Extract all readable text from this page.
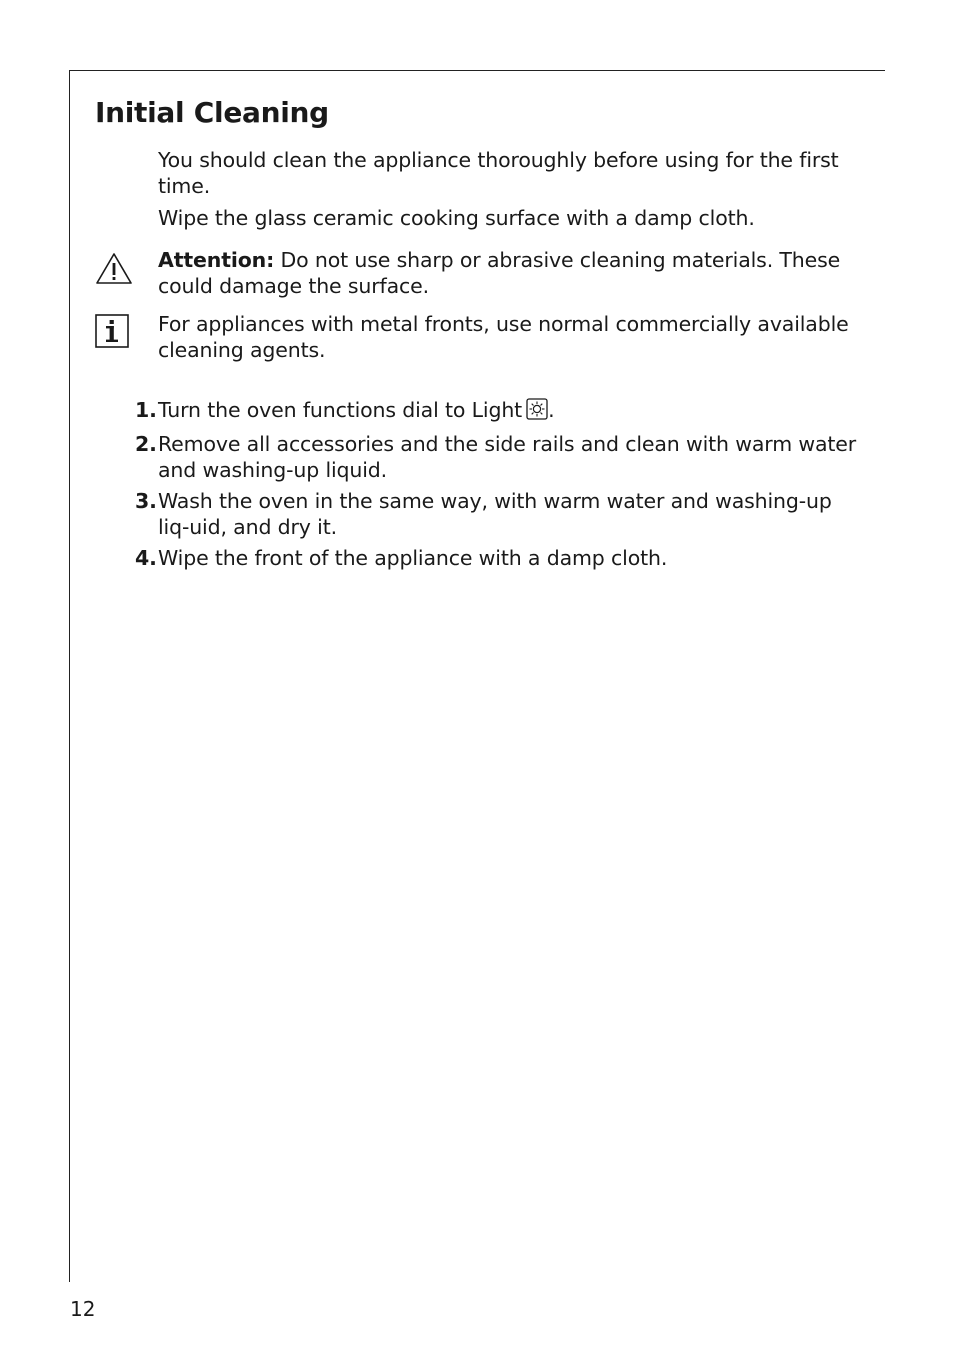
Initial Cleaning

You should clean the appliance thoroughly before using for the first time.

Wipe the glass ceramic cooking surface with a damp cloth.

Attention: Do not use sharp or abrasive cleaning materials. These could damage the surface.

For appliances with metal fronts, use normal commercially available cleaning agents.

1. Turn the oven functions dial to Light .
2. Remove all accessories and the side rails and clean with warm water and washing-up liquid.
3. Wash the oven in the same way, with warm water and washing-up liq-uid, and dry it.
4. Wipe the front of the appliance with a damp cloth.
12
